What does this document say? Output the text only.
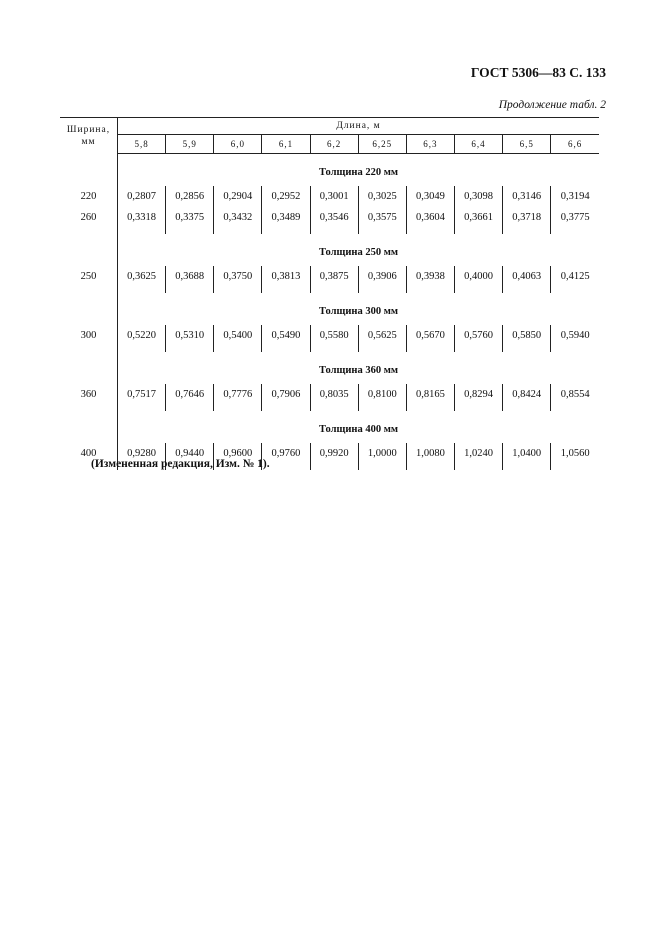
ГОСТ 5306—83 С. 133
Продолжение табл. 2
Ширина,
мм	Длина, м									
	5,8	5,9	6,0	6,1	6,2	6,25	6,3	6,4	6,5	6,6
	Толщина 220 мм									
220	0,2807	0,2856	0,2904	0,2952	0,3001	0,3025	0,3049	0,3098	0,3146	0,3194
260	0,3318	0,3375	0,3432	0,3489	0,3546	0,3575	0,3604	0,3661	0,3718	0,3775

	Толщина 250 мм									
250	0,3625	0,3688	0,3750	0,3813	0,3875	0,3906	0,3938	0,4000	0,4063	0,4125

	Толщина 300 мм									
300	0,5220	0,5310	0,5400	0,5490	0,5580	0,5625	0,5670	0,5760	0,5850	0,5940

	Толщина 360 мм									
360	0,7517	0,7646	0,7776	0,7906	0,8035	0,8100	0,8165	0,8294	0,8424	0,8554

	Толщина 400 мм									
400	0,9280	0,9440	0,9600	0,9760	0,9920	1,0000	1,0080	1,0240	1,0400	1,0560

(Измененная редакция, Изм. № 1).
